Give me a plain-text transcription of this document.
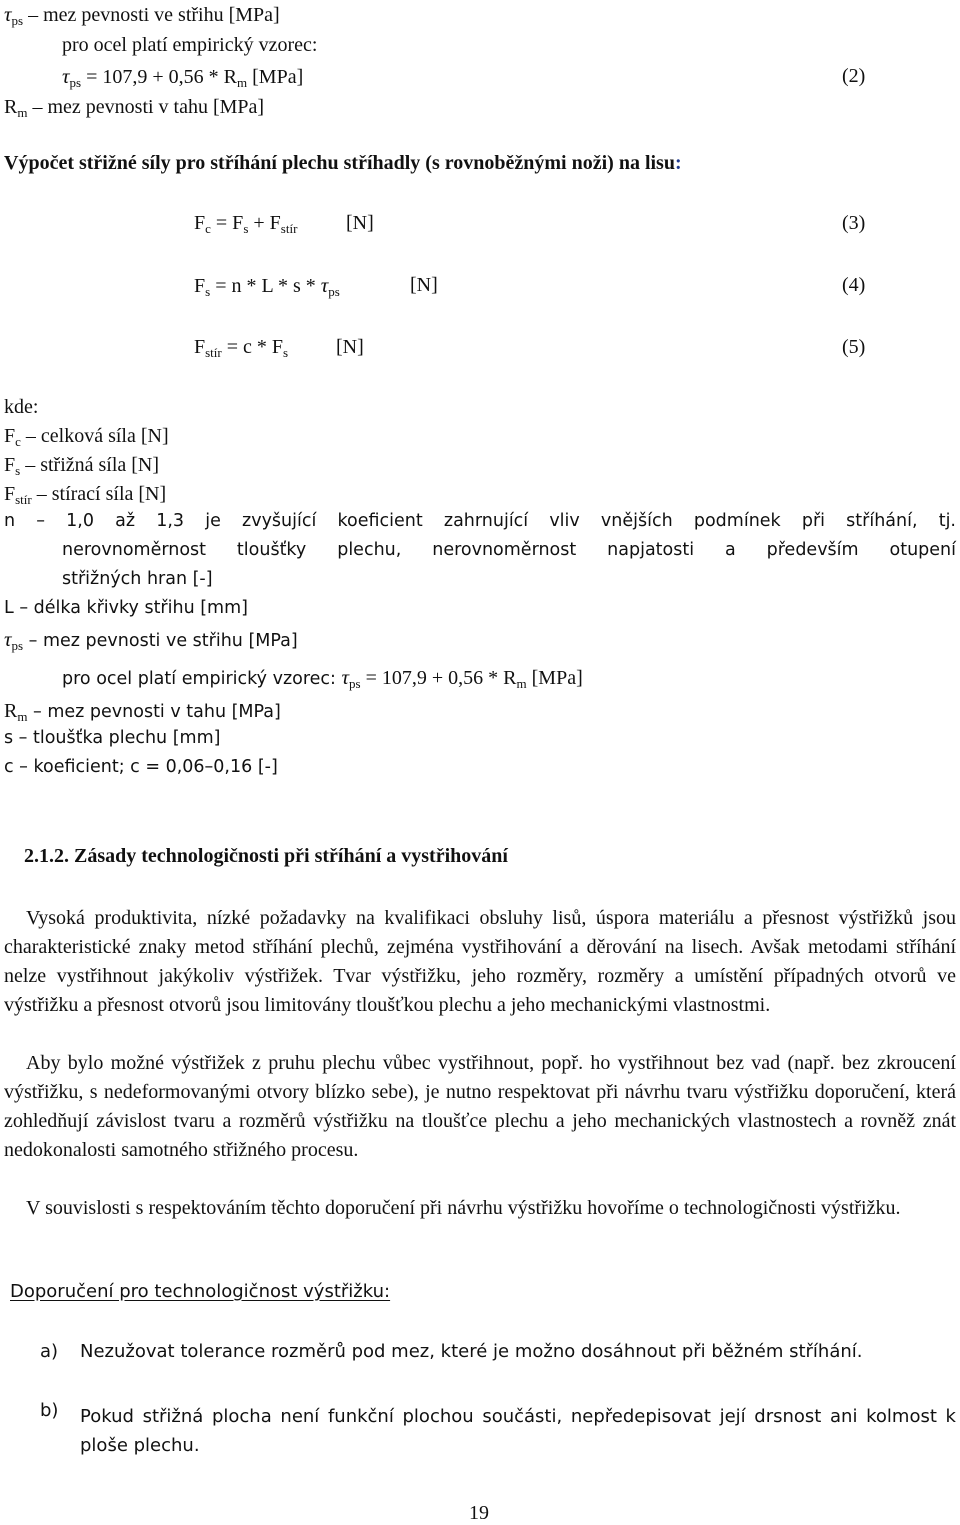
$\tau_{ps}$ – mez pevnosti ve střihu [MPa]
pro ocel platí empirický vzorec:
$\tau_{ps} = 107,9 + 0,56 * R_m$ [MPa]	(2)
$R_m$ – mez pevnosti v tahu [MPa]
Výpočet střižné síly pro stříhání plechu stříhadly (s rovnoběžnými noži) na lisu:
$F_c = F_s + F_{stír}$ [N]	(3)
$F_s = n * L * s * \tau_{ps}$	[N]	(4)
$F_{stír} = c * F_s$ [N]	(5)
kde:
$F_c$ – celková síla [N]
$F_s$ – střižná síla [N]
$F_{stír}$ – stírací síla [N]
n – 1,0 až 1,3 je zvyšující koeficient zahrnující vliv vnějších podmínek při stříhání, tj.
nerovnoměrnost tloušťky plechu, nerovnoměrnost napjatosti a především otupení
střižných hran [-]
L – délka křivky střihu [mm]
$\tau_{ps}$ – mez pevnosti ve střihu [MPa]
pro ocel platí empirický vzorec: $\tau_{ps} = 107,9 + 0,56 * R_m$ [MPa]
$R_m$ – mez pevnosti v tahu [MPa]
s – tloušťka plechu [mm]
c – koeficient; c = 0,06–0,16 [-]
2.1.2. Zásady technologičnosti při stříhání a vystřihování
Vysoká produktivita, nízké požadavky na kvalifikaci obsluhy lisů, úspora materiálu a přesnost výstřižků jsou charakteristické znaky metod stříhání plechů, zejména vystřihování a děrování na lisech. Avšak metodami stříhání nelze vystřihnout jakýkoliv výstřižek. Tvar výstřižku, jeho rozměry, rozměry a umístění případných otvorů ve výstřižku a přesnost otvorů jsou limitovány tloušťkou plechu a jeho mechanickými vlastnostmi.
Aby bylo možné výstřižek z pruhu plechu vůbec vystřihnout, popř. ho vystřihnout bez vad (např. bez zkroucení výstřižku, s nedeformovanými otvory blízko sebe), je nutno respektovat při návrhu tvaru výstřižku doporučení, která zohledňují závislost tvaru a rozměrů výstřižku na tloušťce plechu a jeho mechanických vlastnostech a rovněž znát nedokonalosti samotného střižného procesu.
V souvislosti s respektováním těchto doporučení při návrhu výstřižku hovoříme o technologičnosti výstřižku.
Doporučení pro technologičnost výstřižku:
a) Nezužovat tolerance rozměrů pod mez, které je možno dosáhnout při běžném stříhání.
b) Pokud střižná plocha není funkční plochou součásti, nepředepisovat její drsnost ani kolmost k ploše plechu.
19
